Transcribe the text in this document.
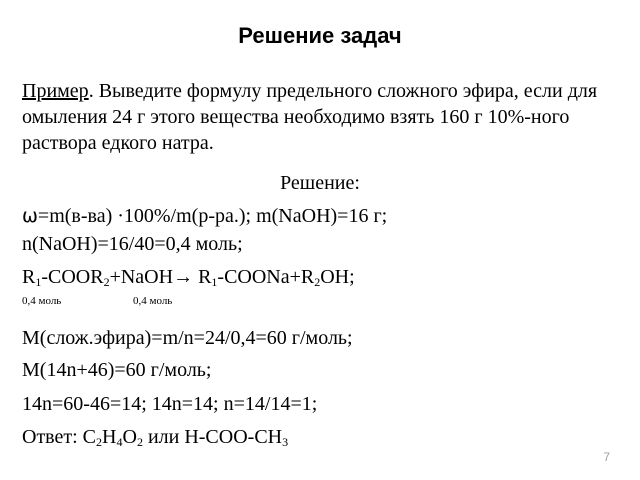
Решение задач
Пример. Выведите формулу предельного сложного эфира, если для омыления 24 г этого вещества необходимо взять 160 г 10%-ного раствора едкого натра.
Решение:
ω=m(в-ва) ·100%/m(р-ра.); m(NaOH)=16 г;
n(NaOH)=16/40=0,4 моль;
$R_1-COOR_2+NaOH\to$ $R_1-COONa+R_2OH$;
0,4 моль	0,4 моль
M(слож.эфира)=m/n=24/0,4=60 г/моль;
M(14n+46)=60 г/моль;
14n=60-46=14; 14n=14; n=14/14=1;
Ответ: $C_2H_4O_2$ или $H-COO-CH_3$
7
